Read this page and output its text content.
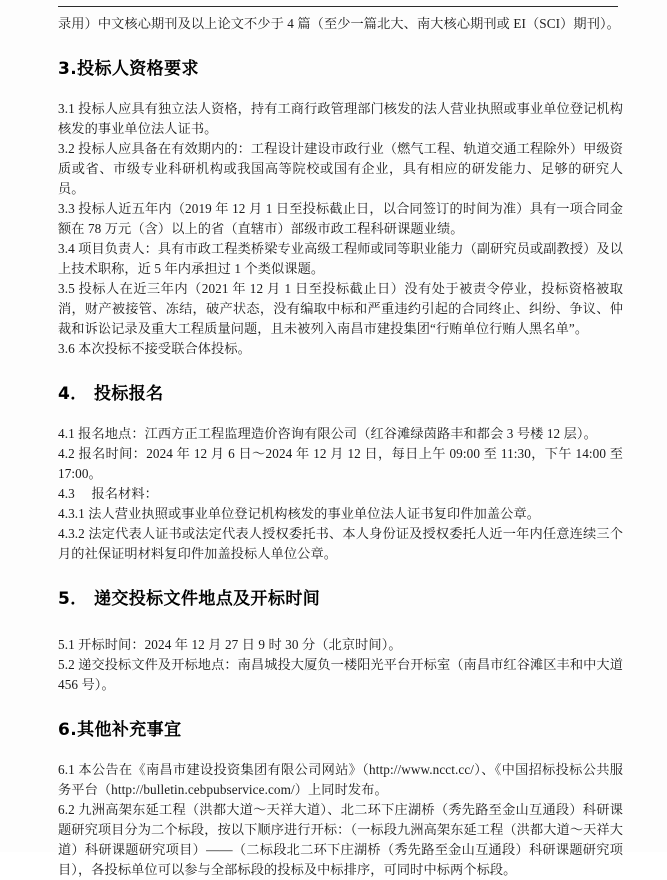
录用）中文核心期刊及以上论文不少于 4 篇（至少一篇北大、南大核心期刊或 EI（SCI）期刊）。

3.投标人资格要求

3.1 投标人应具有独立法人资格，持有工商行政管理部门核发的法人营业执照或事业单位登记机构核发的事业单位法人证书。

3.2 投标人应具备在有效期内的：工程设计建设市政行业（燃气工程、轨道交通工程除外）甲级资质或省、市级专业科研机构或我国高等院校或国有企业，具有相应的研发能力、足够的研究人员。

3.3 投标人近五年内（2019 年 12 月 1 日至投标截止日，以合同签订的时间为准）具有一项合同金额在 78 万元（含）以上的省（直辖市）部级市政工程科研课题业绩。

3.4 项目负责人：具有市政工程类桥梁专业高级工程师或同等职业能力（副研究员或副教授）及以上技术职称，近 5 年内承担过 1 个类似课题。

3.5 投标人在近三年内（2021 年 12 月 1 日至投标截止日）没有处于被责令停业，投标资格被取消，财产被接管、冻结，破产状态，没有编取中标和严重违约引起的合同终止、纠纷、争议、仲裁和诉讼记录及重大工程质量问题，且未被列入南昌市建投集团“行贿单位行贿人黑名单”。

3.6 本次投标不接受联合体投标。

4． 投标报名

4.1 报名地点：江西方正工程监理造价咨询有限公司（红谷滩绿茵路丰和都会 3 号楼 12 层）。

4.2 报名时间：2024 年 12 月 6 日～2024 年 12 月 12 日，每日上午 09:00 至 11:30，下午 14:00 至 17:00。

4.3 　报名材料：

4.3.1 法人营业执照或事业单位登记机构核发的事业单位法人证书复印件加盖公章。

4.3.2 法定代表人证书或法定代表人授权委托书、本人身份证及授权委托人近一年内任意连续三个月的社保证明材料复印件加盖投标人单位公章。

5． 递交投标文件地点及开标时间

5.1 开标时间：2024 年 12 月 27 日 9 时 30 分（北京时间）。

5.2 递交投标文件及开标地点：南昌城投大厦负一楼阳光平台开标室（南昌市红谷滩区丰和中大道 456 号）。

6.其他补充事宜

6.1 本公告在《南昌市建设投资集团有限公司网站》（http://www.ncct.cc/）、《中国招标投标公共服务平台（http://bulletin.cebpubservice.com/）上同时发布。

6.2 九洲高架东延工程（洪都大道～天祥大道）、北二环下庄湖桥（秀先路至金山互通段）科研课题研究项目分为二个标段，按以下顺序进行开标：（一标段九洲高架东延工程（洪都大道～天祥大道）科研课题研究项目）——（二标段北二环下庄湖桥（秀先路至金山互通段）科研课题研究项目），各投标单位可以参与全部标段的投标及中标排序，可同时中标两个标段。
